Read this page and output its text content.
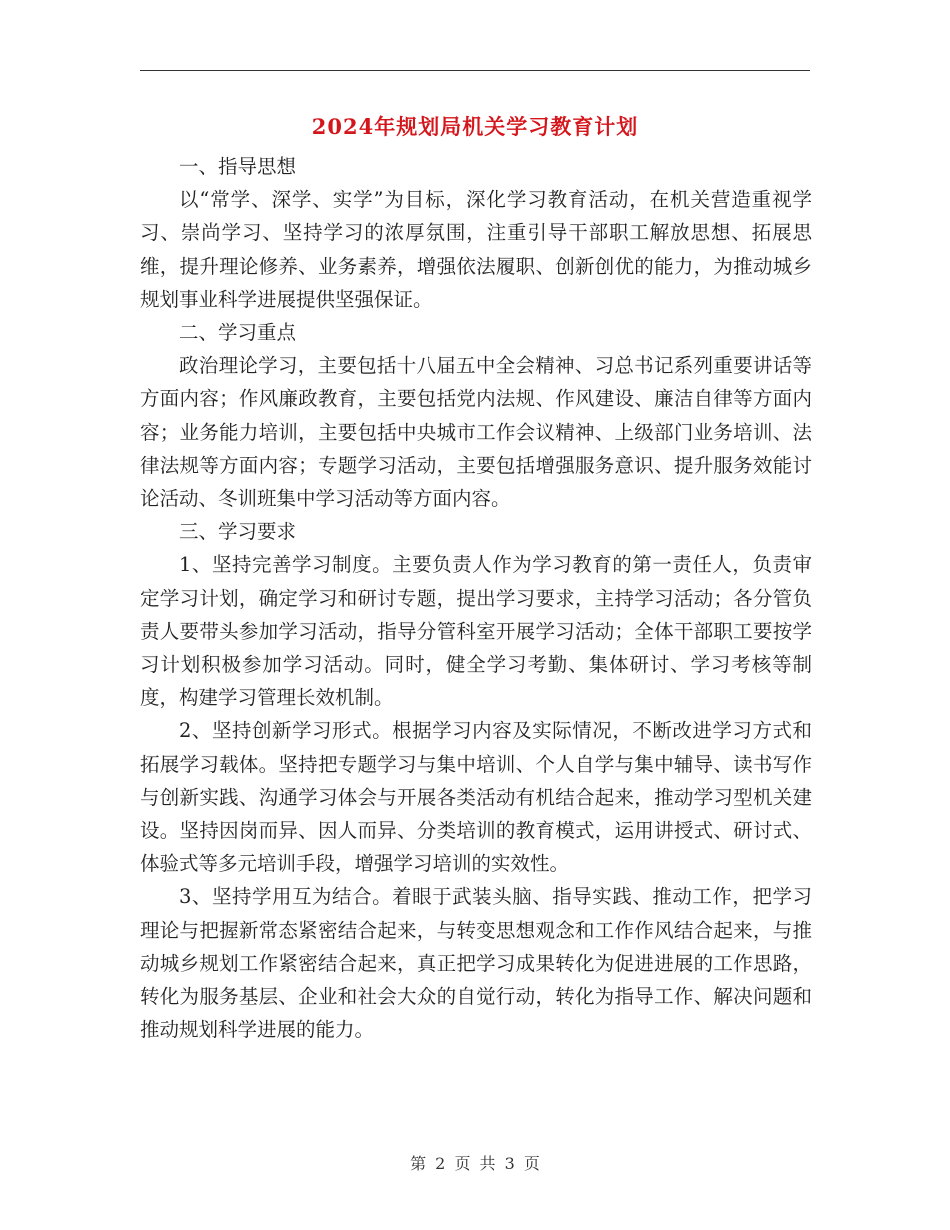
2024年规划局机关学习教育计划

一、指导思想

以“常学、深学、实学”为目标，深化学习教育活动，在机关营造重视学习、崇尚学习、坚持学习的浓厚氛围，注重引导干部职工解放思想、拓展思维，提升理论修养、业务素养，增强依法履职、创新创优的能力，为推动城乡规划事业科学进展提供坚强保证。

二、学习重点

政治理论学习，主要包括十八届五中全会精神、习总书记系列重要讲话等方面内容；作风廉政教育，主要包括党内法规、作风建设、廉洁自律等方面内容；业务能力培训，主要包括中央城市工作会议精神、上级部门业务培训、法律法规等方面内容；专题学习活动，主要包括增强服务意识、提升服务效能讨论活动、冬训班集中学习活动等方面内容。

三、学习要求

1、坚持完善学习制度。主要负责人作为学习教育的第一责任人，负责审定学习计划，确定学习和研讨专题，提出学习要求，主持学习活动；各分管负责人要带头参加学习活动，指导分管科室开展学习活动；全体干部职工要按学习计划积极参加学习活动。同时，健全学习考勤、集体研讨、学习考核等制度，构建学习管理长效机制。

2、坚持创新学习形式。根据学习内容及实际情况，不断改进学习方式和拓展学习载体。坚持把专题学习与集中培训、个人自学与集中辅导、读书写作与创新实践、沟通学习体会与开展各类活动有机结合起来，推动学习型机关建设。坚持因岗而异、因人而异、分类培训的教育模式，运用讲授式、研讨式、体验式等多元培训手段，增强学习培训的实效性。

3、坚持学用互为结合。着眼于武装头脑、指导实践、推动工作，把学习理论与把握新常态紧密结合起来，与转变思想观念和工作作风结合起来，与推动城乡规划工作紧密结合起来，真正把学习成果转化为促进进展的工作思路，转化为服务基层、企业和社会大众的自觉行动，转化为指导工作、解决问题和推动规划科学进展的能力。

第 2 页 共 3 页
